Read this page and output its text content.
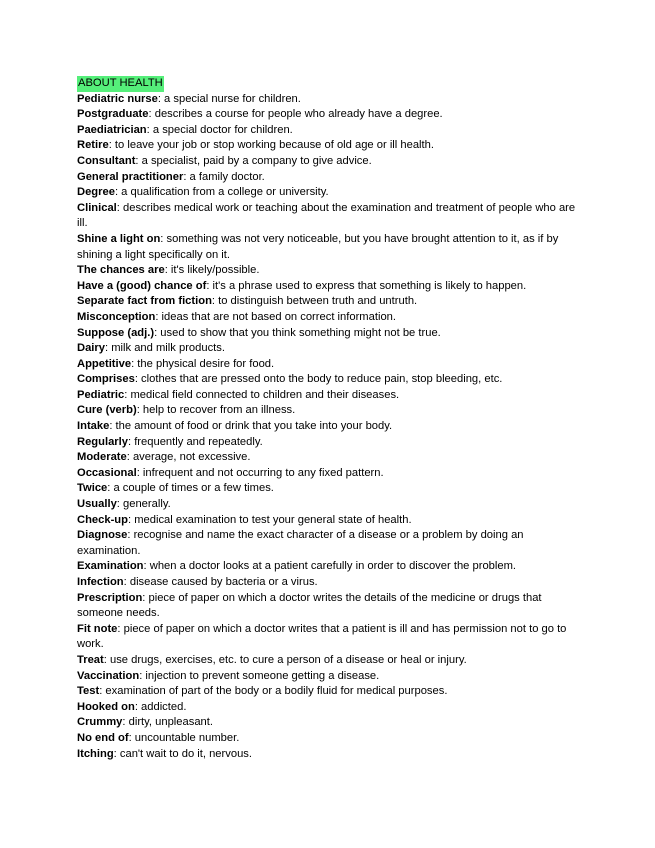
ABOUT HEALTH

Pediatric nurse: a special nurse for children.

Postgraduate: describes a course for people who already have a degree.

Paediatrician: a special doctor for children.

Retire: to leave your job or stop working because of old age or ill health.

Consultant: a specialist, paid by a company to give advice.

General practitioner: a family doctor.

Degree: a qualification from a college or university.

Clinical: describes medical work or teaching about the examination and treatment of people who are ill.

Shine a light on: something was not very noticeable, but you have brought attention to it, as if by shining a light specifically on it.

The chances are: it's likely/possible.

Have a (good) chance of: it's a phrase used to express that something is likely to happen.

Separate fact from fiction: to distinguish between truth and untruth.

Misconception: ideas that are not based on correct information.

Suppose (adj.): used to show that you think something might not be true.

Dairy: milk and milk products.

Appetitive: the physical desire for food.

Comprises: clothes that are pressed onto the body to reduce pain, stop bleeding, etc.

Pediatric: medical field connected to children and their diseases.

Cure (verb): help to recover from an illness.

Intake: the amount of food or drink that you take into your body.

Regularly: frequently and repeatedly.

Moderate: average, not excessive.

Occasional: infrequent and not occurring to any fixed pattern.

Twice: a couple of times or a few times.

Usually: generally.

Check-up: medical examination to test your general state of health.

Diagnose: recognise and name the exact character of a disease or a problem by doing an examination.

Examination: when a doctor looks at a patient carefully in order to discover the problem.

Infection: disease caused by bacteria or a virus.

Prescription: piece of paper on which a doctor writes the details of the medicine or drugs that someone needs.

Fit note: piece of paper on which a doctor writes that a patient is ill and has permission not to go to work.

Treat: use drugs, exercises, etc. to cure a person of a disease or heal or injury.

Vaccination: injection to prevent someone getting a disease.

Test: examination of part of the body or a bodily fluid for medical purposes.

Hooked on: addicted.

Crummy: dirty, unpleasant.

No end of: uncountable number.

Itching: can't wait to do it, nervous.
